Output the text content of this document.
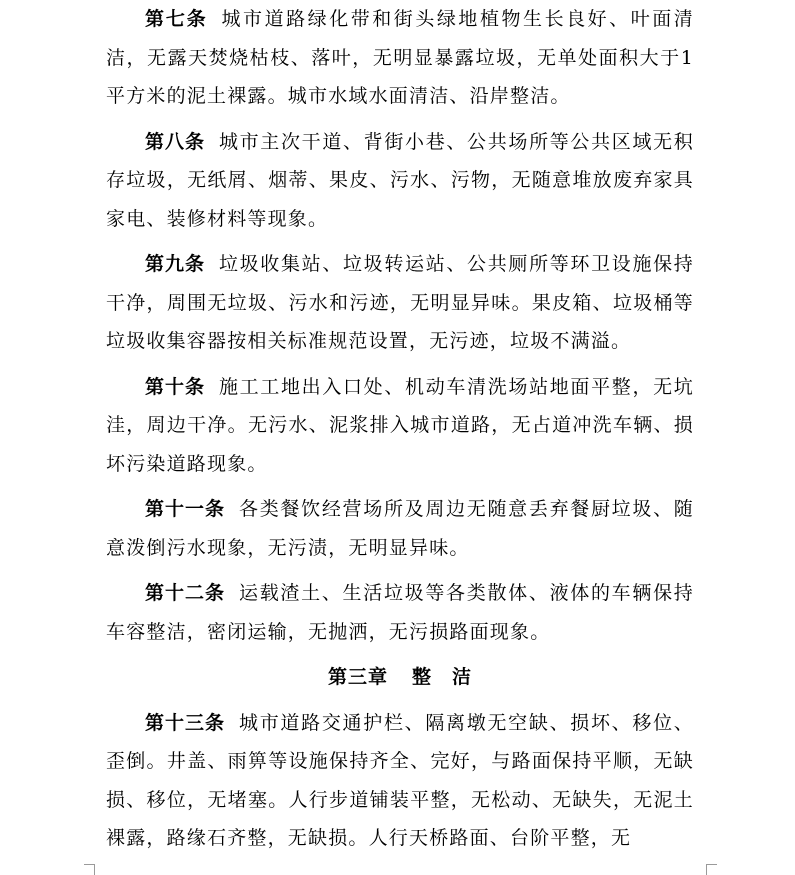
第七条 城市道路绿化带和街头绿地植物生长良好、叶面清洁，无露天焚烧枯枝、落叶，无明显暴露垃圾，无单处面积大于1平方米的泥土裸露。城市水域水面清洁、沿岸整洁。

第八条 城市主次干道、背街小巷、公共场所等公共区域无积存垃圾，无纸屑、烟蒂、果皮、污水、污物，无随意堆放废弃家具家电、装修材料等现象。

第九条 垃圾收集站、垃圾转运站、公共厕所等环卫设施保持干净，周围无垃圾、污水和污迹，无明显异味。果皮箱、垃圾桶等垃圾收集容器按相关标准规范设置，无污迹，垃圾不满溢。

第十条 施工工地出入口处、机动车清洗场站地面平整，无坑洼，周边干净。无污水、泥浆排入城市道路，无占道冲洗车辆、损坏污染道路现象。

第十一条 各类餐饮经营场所及周边无随意丢弃餐厨垃圾、随意泼倒污水现象，无污渍，无明显异味。

第十二条 运载渣土、生活垃圾等各类散体、液体的车辆保持车容整洁，密闭运输，无抛洒，无污损路面现象。

第三章 整　洁

第十三条 城市道路交通护栏、隔离墩无空缺、损坏、移位、歪倒。井盖、雨箅等设施保持齐全、完好，与路面保持平顺，无缺损、移位，无堵塞。人行步道铺装平整，无松动、无缺失，无泥土裸露，路缘石齐整，无缺损。人行天桥路面、台阶平整，无
